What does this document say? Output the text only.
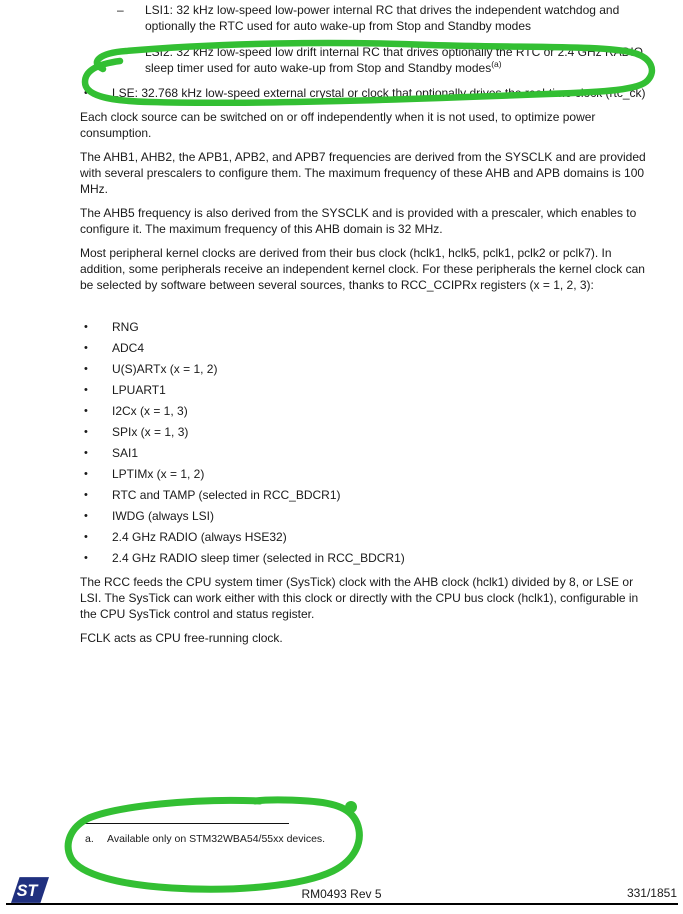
–	LSI1: 32 kHz low-speed low-power internal RC that drives the independent watchdog and optionally the RTC used for auto wake-up from Stop and Standby modes
–	LSI2: 32 kHz low-speed low drift internal RC that drives optionally the RTC or 2.4 GHz RADIO sleep timer used for auto wake-up from Stop and Standby modes$^{(a)}$
•	LSE: 32.768 kHz low-speed external crystal or clock that optionally drives the real-time clock (rtc_ck)

Each clock source can be switched on or off independently when it is not used, to optimize power consumption.

The AHB1, AHB2, the APB1, APB2, and APB7 frequencies are derived from the SYSCLK and are provided with several prescalers to configure them. The maximum frequency of these AHB and APB domains is 100 MHz.

The AHB5 frequency is also derived from the SYSCLK and is provided with a prescaler, which enables to configure it. The maximum frequency of this AHB domain is 32 MHz.

Most peripheral kernel clocks are derived from their bus clock (hclk1, hclk5, pclk1, pclk2 or pclk7). In addition, some peripherals receive an independent kernel clock. For these peripherals the kernel clock can be selected by software between several sources, thanks to RCC_CCIPRx registers (x = 1, 2, 3):

•	RNG
•	ADC4
•	U(S)ARTx (x = 1, 2)
•	LPUART1
•	I2Cx (x = 1, 3)
•	SPIx (x = 1, 3)
•	SAI1
•	LPTIMx (x = 1, 2)
•	RTC and TAMP (selected in RCC_BDCR1)
•	IWDG (always LSI)
•	2.4 GHz RADIO (always HSE32)
•	2.4 GHz RADIO sleep timer (selected in RCC_BDCR1)

The RCC feeds the CPU system timer (SysTick) clock with the AHB clock (hclk1) divided by 8, or LSE or LSI. The SysTick can work either with this clock or directly with the CPU bus clock (hclk1), configurable in the CPU SysTick control and status register.

FCLK acts as CPU free-running clock.

a.	Available only on STM32WBA54/55xx devices.
ST	RM0493 Rev 5	331/1851
